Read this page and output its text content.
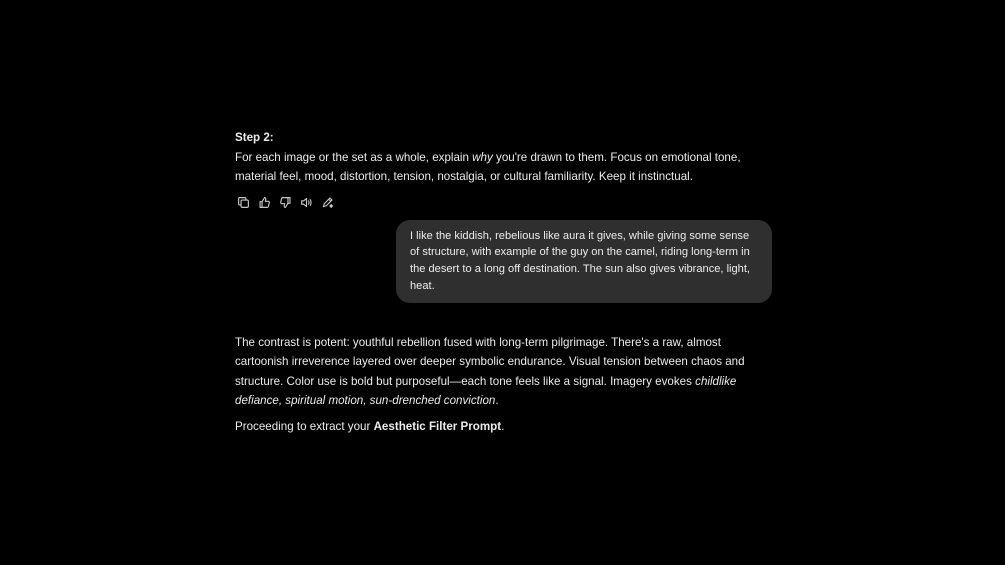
Step 2:

For each image or the set as a whole, explain why you're drawn to them. Focus on emotional tone, material feel, mood, distortion, tension, nostalgia, or cultural familiarity. Keep it instinctual.

I like the kiddish, rebelious like aura it gives, while giving some sense of structure, with example of the guy on the camel, riding long-term in the desert to a long off destination. The sun also gives vibrance, light, heat.

The contrast is potent: youthful rebellion fused with long-term pilgrimage. There's a raw, almost cartoonish irreverence layered over deeper symbolic endurance. Visual tension between chaos and structure. Color use is bold but purposeful—each tone feels like a signal. Imagery evokes childlike defiance, spiritual motion, sun-drenched conviction.

Proceeding to extract your Aesthetic Filter Prompt.
